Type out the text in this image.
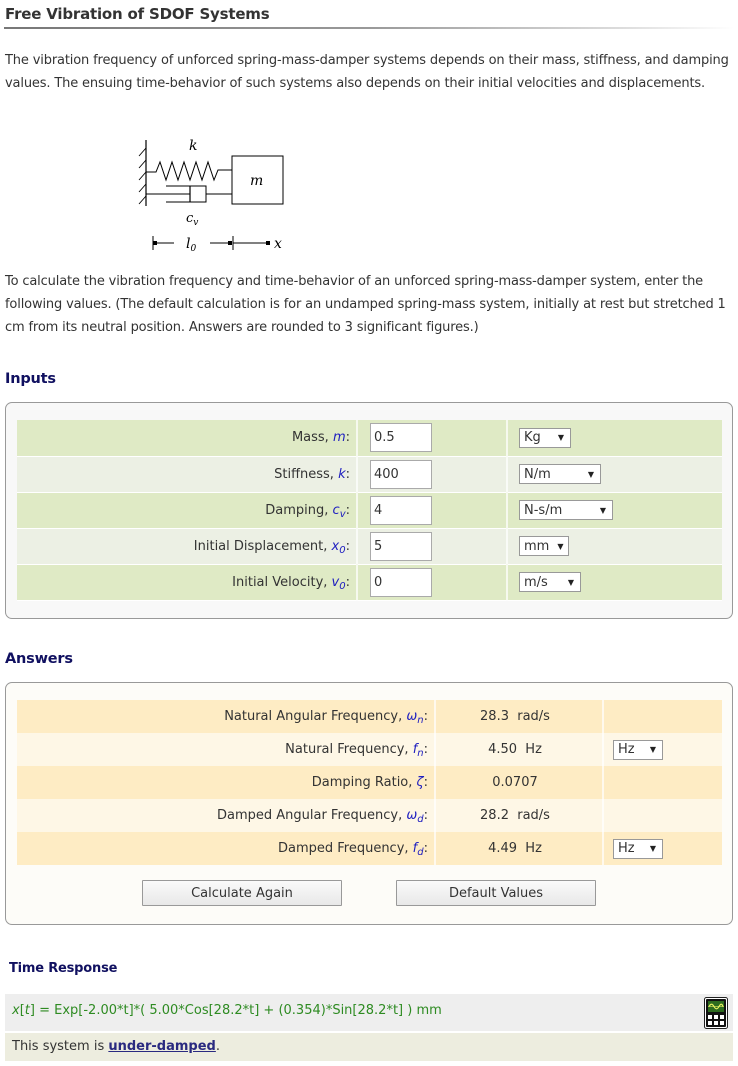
Free Vibration of SDOF Systems
The vibration frequency of unforced spring-mass-damper systems depends on their mass, stiffness, and damping values. The ensuing time-behavior of such systems also depends on their initial velocities and displacements.
k
m
$c_v$
$l_0$	x
To calculate the vibration frequency and time-behavior of an unforced spring-mass-damper system, enter the following values. (The default calculation is for an undamped spring-mass system, initially at rest but stretched 1 cm from its neutral position. Answers are rounded to 3 significant figures.)
Inputs
Mass, m:	0.5	Kg ▼

Stiffness, k:	400	N/m ▼

Damping, $c_v$:	4	N-s/m ▼

Initial Displacement, $x_0$:	5	mm ▼

Initial Velocity, $v_0$:	0	m/s ▼
Answers
Natural Angular Frequency, $\omega_n$:	28.3  rad/s	
Natural Frequency, $f_n$:	4.50  Hz	Hz ▼

Damping Ratio, ζ:	0.0707	
Damped Angular Frequency, $\omega_d$:	28.2  rad/s	
Damped Frequency, $f_d$:	4.49  Hz	Hz ▼
Calculate Again	Default Values
Time Response
x[t] = Exp[-2.00*t]*( 5.00*Cos[28.2*t] + (0.354)*Sin[28.2*t] ) mm
This system is under-damped.
